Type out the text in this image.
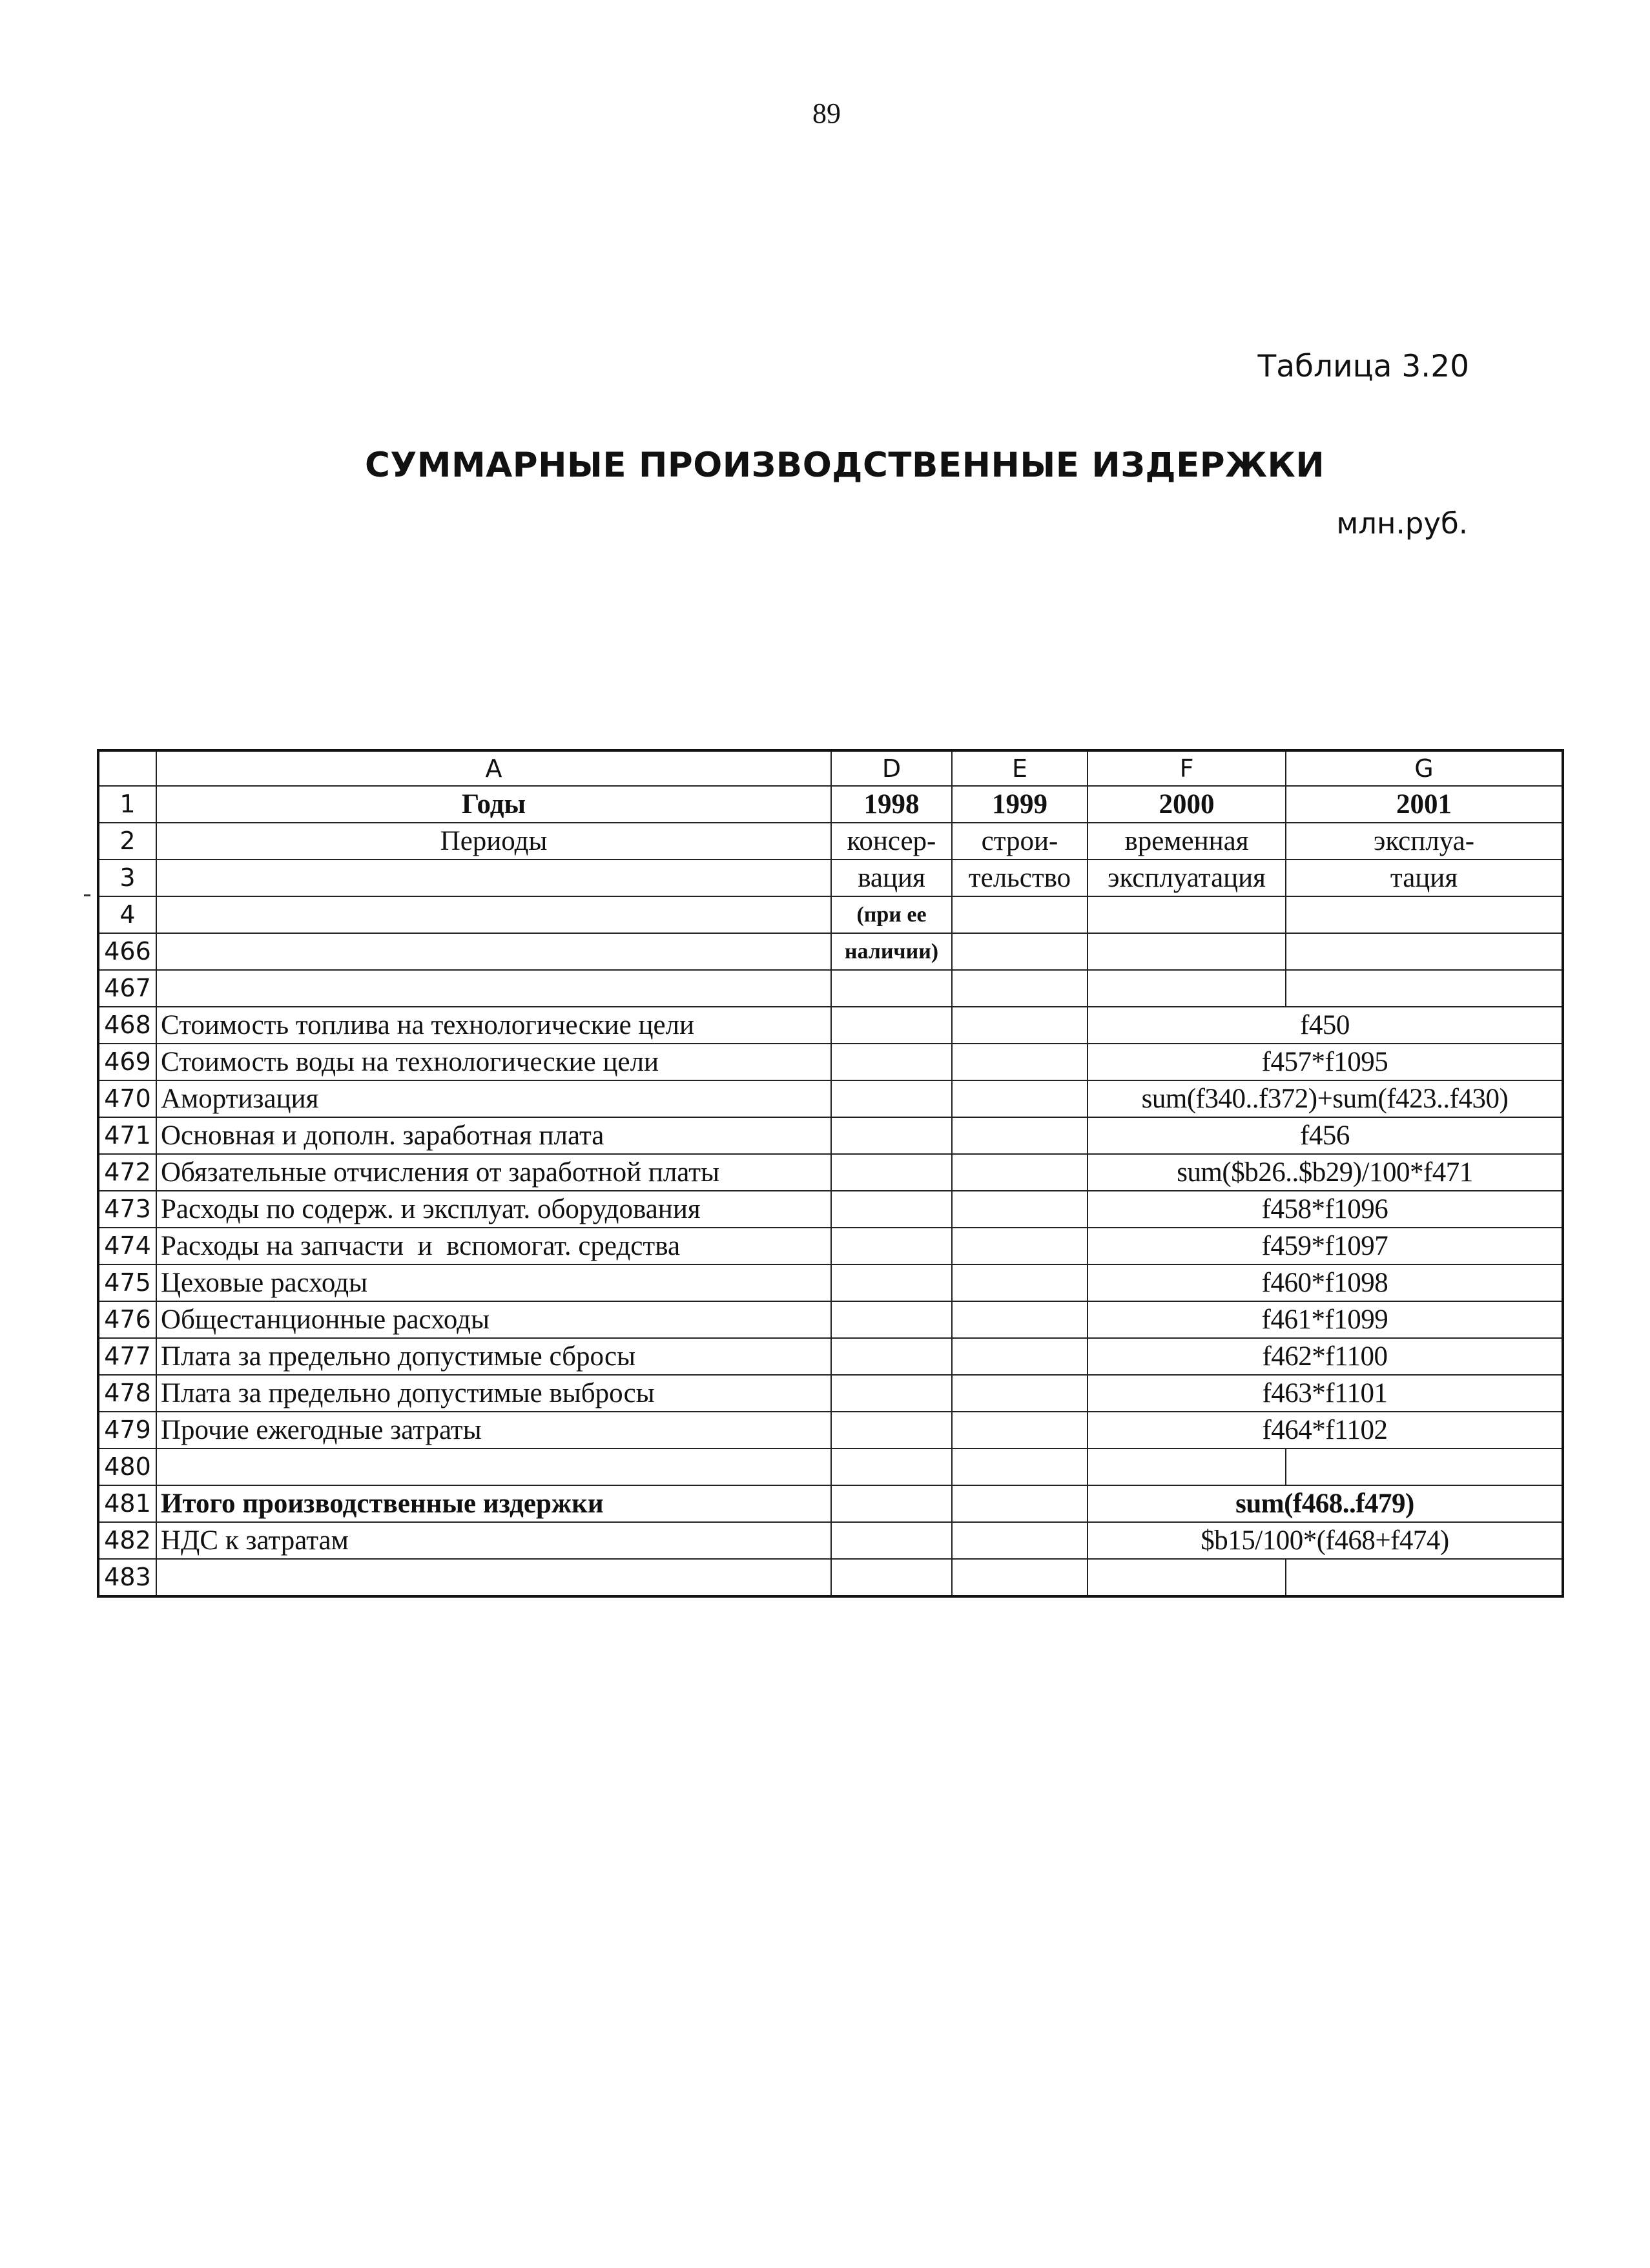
89
Таблица 3.20
СУММАРНЫЕ ПРОИЗВОДСТВЕННЫЕ ИЗДЕРЖКИ
млн.руб.
	A	D	E	F	G
1	Годы	1998	1999	2000	2001
2	Периоды	консер-	строи-	временная	эксплуа-
3		вация	тельство	эксплуатация	тация
4		(при ее			
466		наличии)			
467					
468	Стоимость топлива на технологические цели			f450	
469	Стоимость воды на технологические цели			f457*f1095	
470	Амортизация			sum(f340..f372)+sum(f423..f430)	
471	Основная и дополн. заработная плата			f456	
472	Обязательные отчисления от заработной платы			sum($b26..$b29)/100*f471	
473	Расходы по содерж. и эксплуат. оборудования			f458*f1096	
474	Расходы на запчасти  и  вспомогат. средства			f459*f1097	
475	Цеховые расходы			f460*f1098	
476	Общестанционные расходы			f461*f1099	
477	Плата за предельно допустимые сбросы			f462*f1100	
478	Плата за предельно допустимые выбросы			f463*f1101	
479	Прочие ежегодные затраты			f464*f1102	
480					
481	Итого производственные издержки			sum(f468..f479)	
482	НДС к затратам			$b15/100*(f468+f474)	
483					
